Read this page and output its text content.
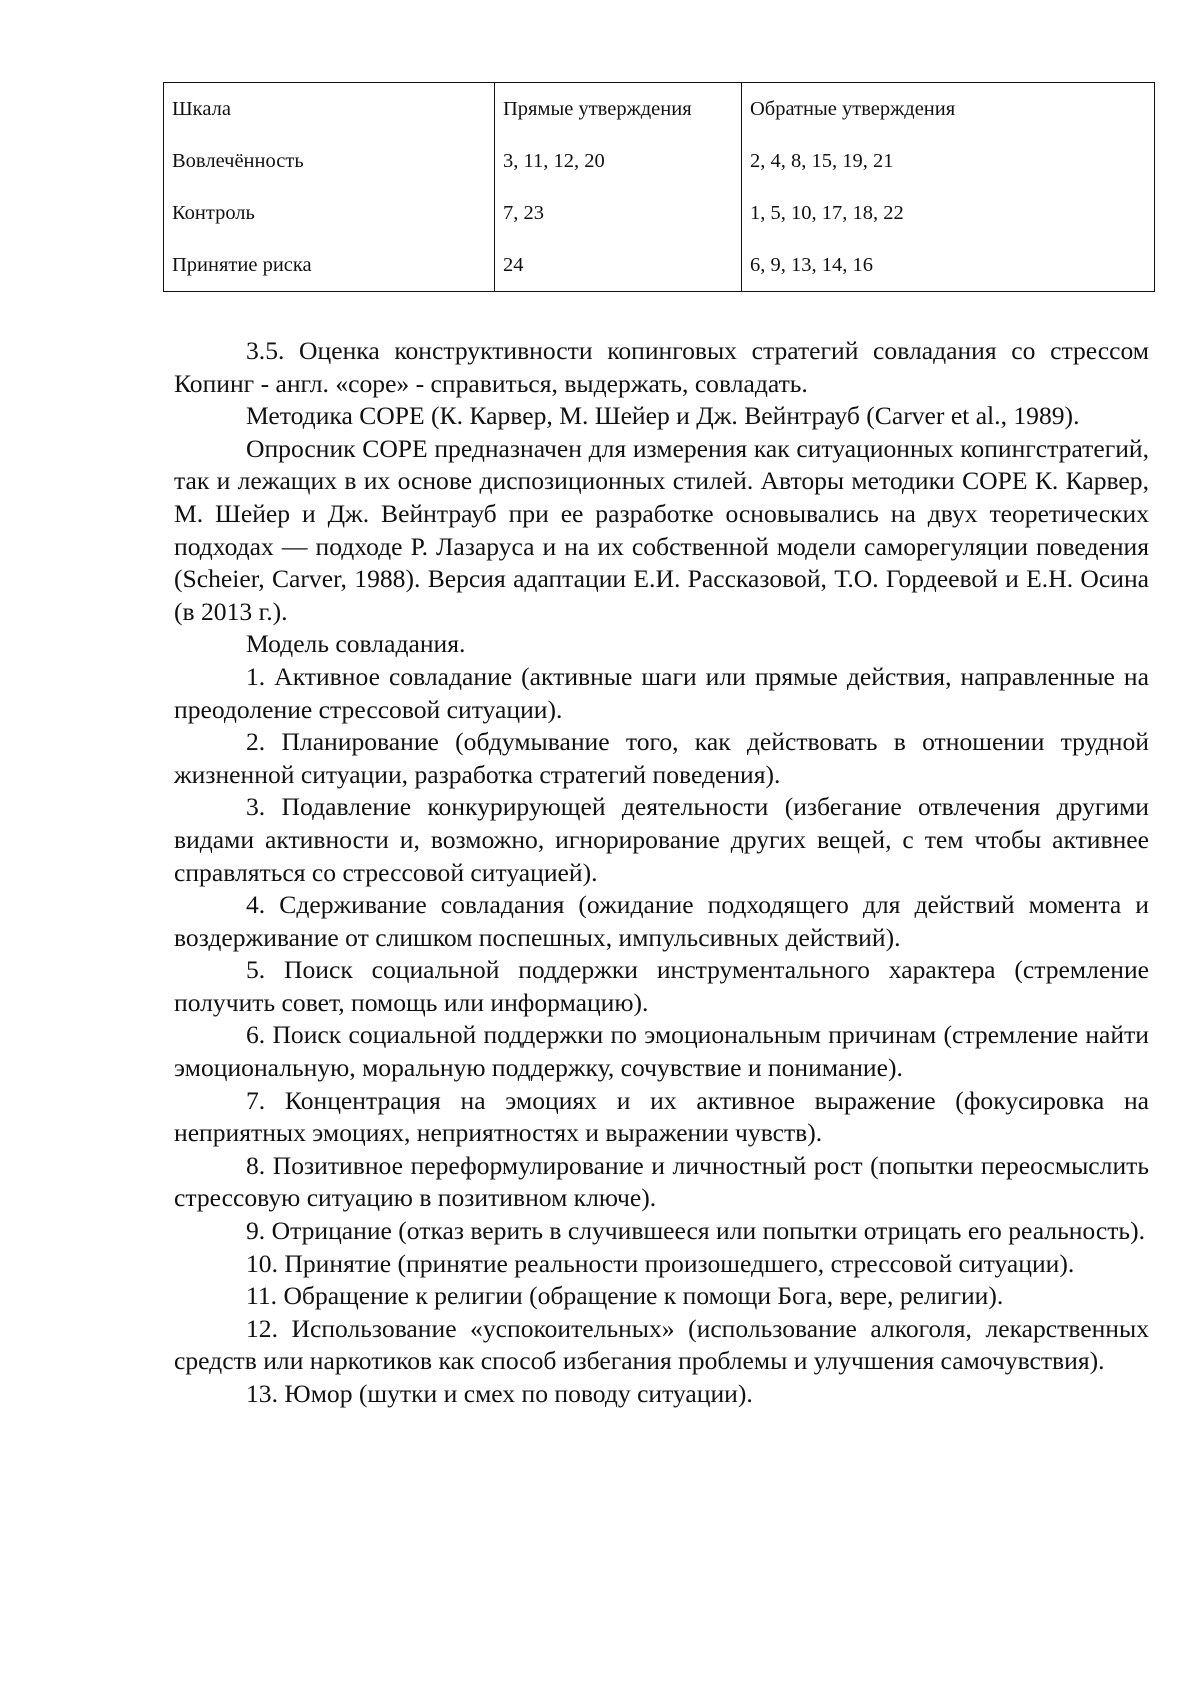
Шкала	Прямые утверждения	Обратные утверждения
Вовлечённость	3, 11, 12, 20	2, 4, 8, 15, 19, 21
Контроль	7, 23	1, 5, 10, 17, 18, 22
Принятие риска	24	6, 9, 13, 14, 16

3.5. Оценка конструктивности копинговых стратегий совладания со стрессом Копинг - англ. «cope» - справиться, выдержать, совладать.

Методика COPE (К. Карвер, М. Шейер и Дж. Вейнтрауб (Carver et al., 1989).

Опросник COPE предназначен для измерения как ситуационных копингстратегий, так и лежащих в их основе диспозиционных стилей. Авторы методики COPE К. Карвер, М. Шейер и Дж. Вейнтрауб при ее разработке основывались на двух теоретических подходах — подходе Р. Лазаруса и на их собственной модели саморегуляции поведения (Scheier, Carver, 1988). Версия адаптации Е.И. Рассказовой, Т.О. Гордеевой и Е.Н. Осина (в 2013 г.).

Модель совладания.

1. Активное совладание (активные шаги или прямые действия, направленные на преодоление стрессовой ситуации).

2. Планирование (обдумывание того, как действовать в отношении трудной жизненной ситуации, разработка стратегий поведения).

3. Подавление конкурирующей деятельности (избегание отвлечения другими видами активности и, возможно, игнорирование других вещей, с тем чтобы активнее справляться со стрессовой ситуацией).

4. Сдерживание совладания (ожидание подходящего для действий момента и воздерживание от слишком поспешных, импульсивных действий).

5. Поиск социальной поддержки инструментального характера (стремление получить совет, помощь или информацию).

6. Поиск социальной поддержки по эмоциональным причинам (стремление найти эмоциональную, моральную поддержку, сочувствие и понимание).

7. Концентрация на эмоциях и их активное выражение (фокусировка на неприятных эмоциях, неприятностях и выражении чувств).

8. Позитивное переформулирование и личностный рост (попытки переосмыслить стрессовую ситуацию в позитивном ключе).

9. Отрицание (отказ верить в случившееся или попытки отрицать его реальность).

10. Принятие (принятие реальности произошедшего, стрессовой ситуации).

11. Обращение к религии (обращение к помощи Бога, вере, религии).

12. Использование «успокоительных» (использование алкоголя, лекарственных средств или наркотиков как способ избегания проблемы и улучшения самочувствия).

13. Юмор (шутки и смех по поводу ситуации).
